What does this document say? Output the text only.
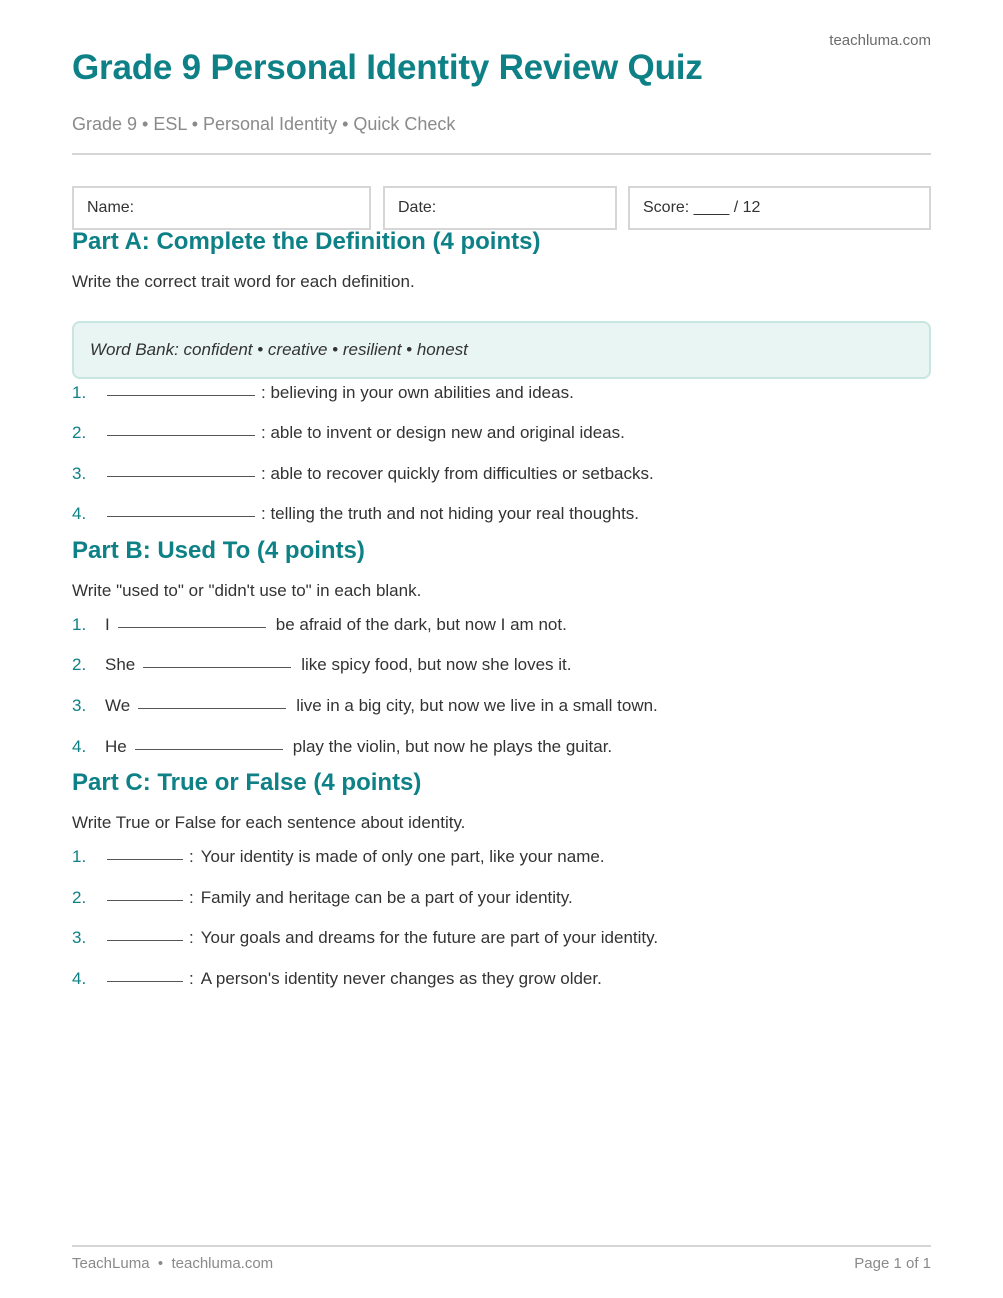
teachluma.com
Grade 9 Personal Identity Review Quiz
Grade 9 • ESL • Personal Identity • Quick Check
Name:	Date:	Score: ____ / 12
Part A: Complete the Definition (4 points)
Write the correct trait word for each definition.
Word Bank: confident • creative • resilient • honest
1.	: believing in your own abilities and ideas.
2.	: able to invent or design new and original ideas.
3.	: able to recover quickly from difficulties or setbacks.
4.	: telling the truth and not hiding your real thoughts.
Part B: Used To (4 points)
Write "used to" or "didn't use to" in each blank.
1.	I	be afraid of the dark, but now I am not.
2.	She	like spicy food, but now she loves it.
3.	We	live in a big city, but now we live in a small town.
4.	He	play the violin, but now he plays the guitar.
Part C: True or False (4 points)
Write True or False for each sentence about identity.
1.	: Your identity is made of only one part, like your name.
2.	: Family and heritage can be a part of your identity.
3.	: Your goals and dreams for the future are part of your identity.
4.	: A person's identity never changes as they grow older.
TeachLuma  •  teachluma.com	Page 1 of 1
